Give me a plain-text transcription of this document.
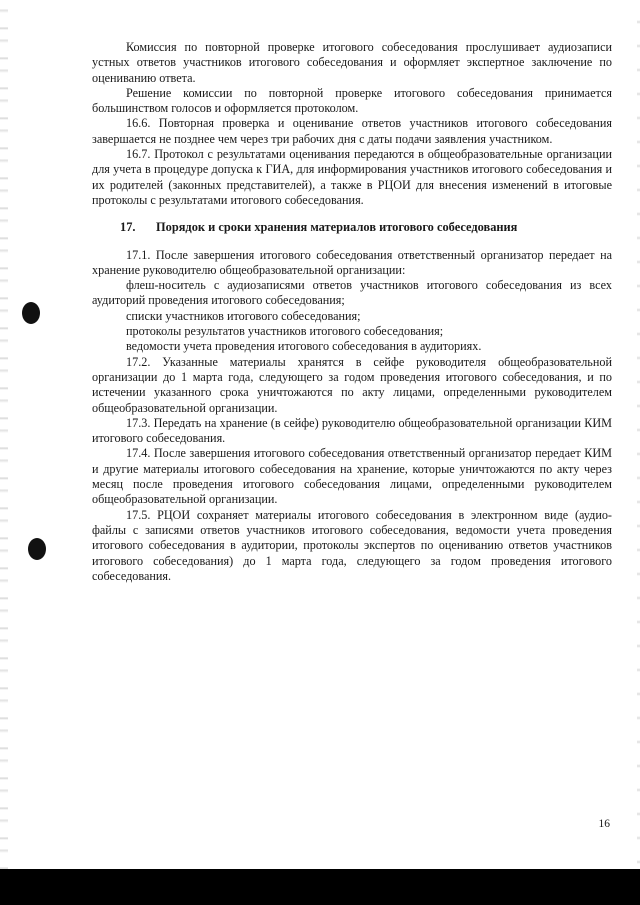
Комиссия по повторной проверке итогового собеседования прослушивает аудиозаписи устных ответов участников итогового собеседования и оформляет экспертное заключение по оцениванию ответа.

Решение комиссии по повторной проверке итогового собеседования принимается большинством голосов и оформляется протоколом.

16.6. Повторная проверка и оценивание ответов участников итогового собеседования завершается не позднее чем через три рабочих дня с даты подачи заявления участником.

16.7. Протокол с результатами оценивания передаются в общеобразовательные организации для учета в процедуре допуска к ГИА, для информирования участников итогового собеседования и их родителей (законных представителей), а также в РЦОИ для внесения изменений в итоговые протоколы с результатами итогового собеседования.

17. Порядок и сроки хранения материалов итогового собеседования

17.1. После завершения итогового собеседования ответственный организатор передает на хранение руководителю общеобразовательной организации:

флеш-носитель с аудиозаписями ответов участников итогового собеседования из всех аудиторий проведения итогового собеседования;

списки участников итогового собеседования;

протоколы результатов участников итогового собеседования;

ведомости учета проведения итогового собеседования в аудиториях.

17.2. Указанные материалы хранятся в сейфе руководителя общеобразовательной организации до 1 марта года, следующего за годом проведения итогового собеседования, и по истечении указанного срока уничтожаются по акту лицами, определенными руководителем общеобразовательной организации.

17.3. Передать на хранение (в сейфе) руководителю общеобразовательной организации КИМ итогового собеседования.

17.4. После завершения итогового собеседования ответственный организатор передает КИМ и другие материалы итогового собеседования на хранение, которые уничтожаются по акту через месяц после проведения итогового собеседования лицами, определенными руководителем общеобразовательной организации.

17.5. РЦОИ сохраняет материалы итогового собеседования в электронном виде (аудио-файлы с записями ответов участников итогового собеседования, ведомости учета проведения итогового собеседования в аудитории, протоколы экспертов по оцениванию ответов участников итогового собеседования) до 1 марта года, следующего за годом проведения итогового собеседования.

16
